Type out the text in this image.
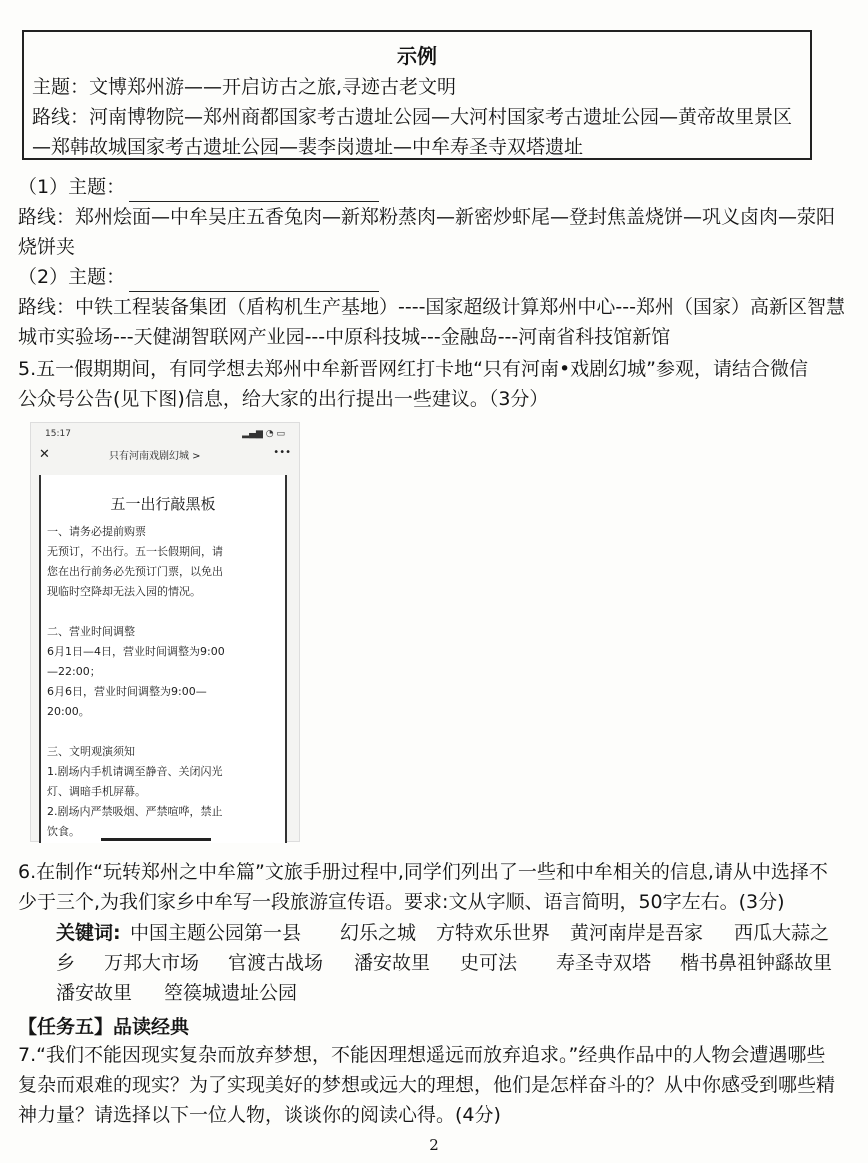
示例
主题：文博郑州游——开启访古之旅,寻迹古老文明
路线：河南博物院—郑州商都国家考古遗址公园—大河村国家考古遗址公园—黄帝故里景区
—郑韩故城国家考古遗址公园—裴李岗遗址—中牟寿圣寺双塔遗址
（1）主题：
路线：郑州烩面—中牟吴庄五香兔肉—新郑粉蒸肉—新密炒虾尾—登封焦盖烧饼—巩义卤肉—荥阳
烧饼夹
（2）主题：
路线：中铁工程装备集团（盾构机生产基地）----国家超级计算郑州中心---郑州（国家）高新区智慧
城市实验场---天健湖智联网产业园---中原科技城---金融岛---河南省科技馆新馆
5.五一假期期间，有同学想去郑州中牟新晋网红打卡地“只有河南•戏剧幻城”参观，请结合微信
公众号公告(见下图)信息，给大家的出行提出一些建议。（3分）
15:17	▂▄▆ ◔ ▭
✕	只有河南戏剧幻城 >	•••
五一出行敲黑板
一、请务必提前购票
无预订，不出行。五一长假期间，请
您在出行前务必先预订门票，以免出
现临时空降却无法入园的情况。
二、营业时间调整
6月1日—4日，营业时间调整为9:00
—22:00；
6月6日，营业时间调整为9:00—
20:00。
三、文明观演须知
1.剧场内手机请调至静音、关闭闪光
灯、调暗手机屏幕。
2.剧场内严禁吸烟、严禁喧哗，禁止
饮食。
6.在制作“玩转郑州之中牟篇”文旅手册过程中,同学们列出了一些和中牟相关的信息,请从中选择不
少于三个,为我们家乡中牟写一段旅游宣传语。要求:文从字顺、语言简明，50字左右。(3分)
关键词: 中国主题公园第一县 幻乐之城 方特欢乐世界 黄河南岸是吾家 西瓜大蒜之
乡 万邦大市场 官渡古战场 潘安故里 史可法 寿圣寺双塔 楷书鼻祖钟繇故里
潘安故里 箜篌城遗址公园
【任务五】品读经典
7.“我们不能因现实复杂而放弃梦想，不能因理想遥远而放弃追求。”经典作品中的人物会遭遇哪些
复杂而艰难的现实？为了实现美好的梦想或远大的理想，他们是怎样奋斗的？从中你感受到哪些精
神力量？请选择以下一位人物，谈谈你的阅读心得。(4分)
2
